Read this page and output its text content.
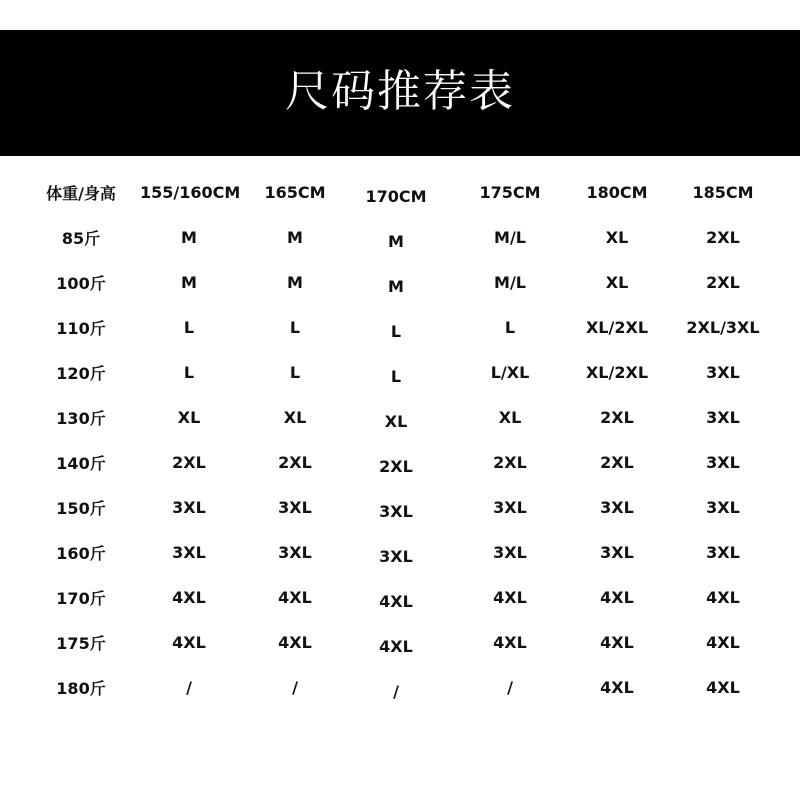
尺码推荐表
体重/身高	155/160CM	165CM	170CM	175CM	180CM	185CM
85斤	M	M	M	M/L	XL	2XL
100斤	M	M	M	M/L	XL	2XL
110斤	L	L	L	L	XL/2XL	2XL/3XL
120斤	L	L	L	L/XL	XL/2XL	3XL
130斤	XL	XL	XL	XL	2XL	3XL
140斤	2XL	2XL	2XL	2XL	2XL	3XL
150斤	3XL	3XL	3XL	3XL	3XL	3XL
160斤	3XL	3XL	3XL	3XL	3XL	3XL
170斤	4XL	4XL	4XL	4XL	4XL	4XL
175斤	4XL	4XL	4XL	4XL	4XL	4XL
180斤	/	/	/	/	4XL	4XL
